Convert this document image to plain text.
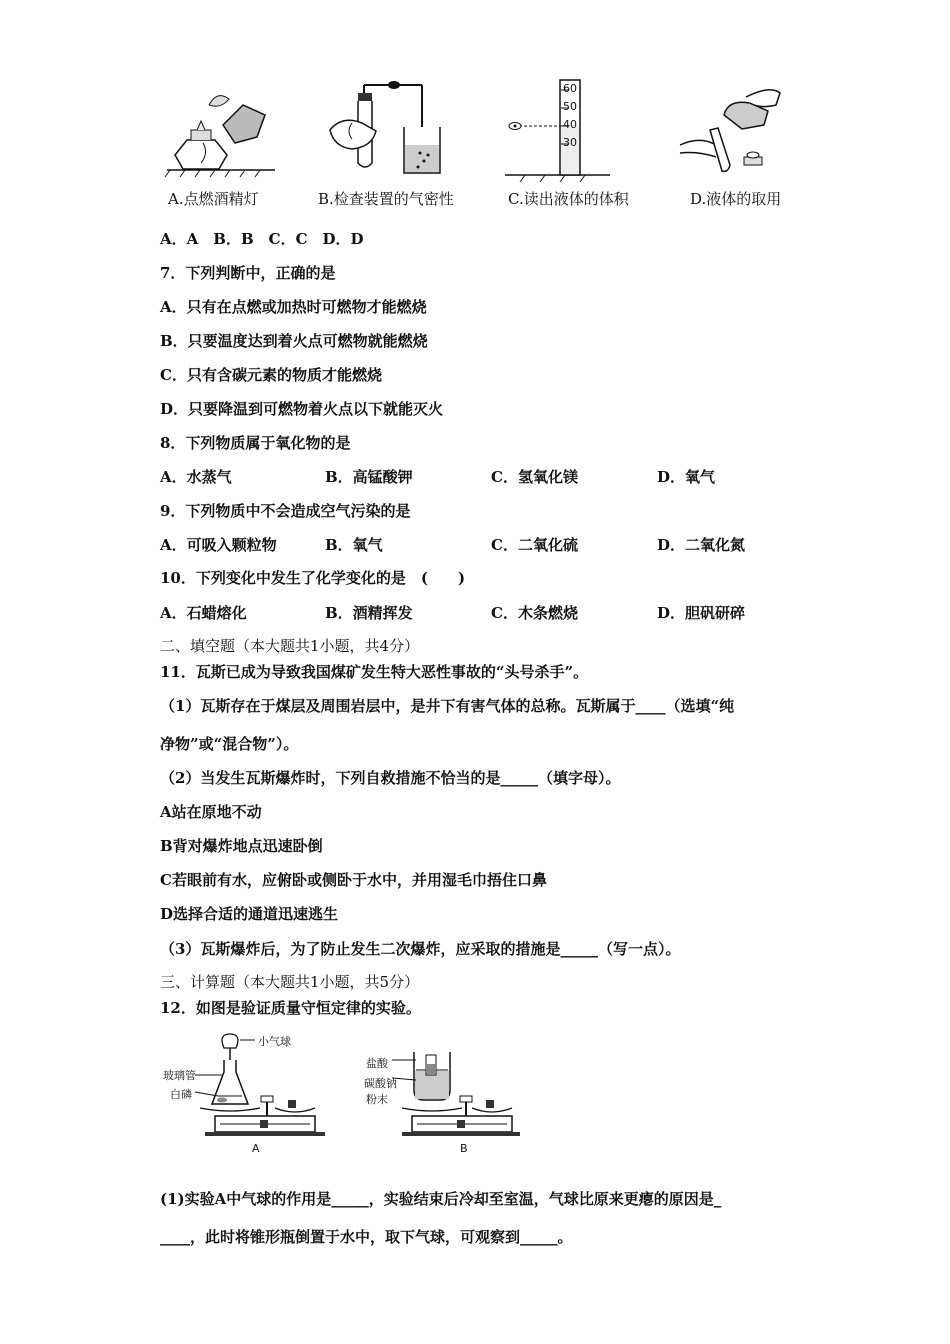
A.点燃酒精灯	B.检查装置的气密性
60
50
40
30
C.读出液体的体积	D.液体的取用
A．A　B．B　C．C　D．D
7．下列判断中，正确的是
A．只有在点燃或加热时可燃物才能燃烧
B．只要温度达到着火点可燃物就能燃烧
C．只有含碳元素的物质才能燃烧
D．只要降温到可燃物着火点以下就能灭火
8．下列物质属于氧化物的是
A．水蒸气	B．高锰酸钾	C．氢氧化镁	D．氧气
9．下列物质中不会造成空气污染的是
A．可吸入颗粒物	B．氧气	C．二氧化硫	D．二氧化氮
10．下列变化中发生了化学变化的是　(　　)
A．石蜡熔化	B．酒精挥发	C．木条燃烧	D．胆矾研碎
二、填空题（本大题共1小题，共4分）
11．瓦斯已成为导致我国煤矿发生特大恶性事故的“头号杀手”。
（1）瓦斯存在于煤层及周围岩层中，是井下有害气体的总称。瓦斯属于____（选填“纯
净物”或“混合物”）。
（2）当发生瓦斯爆炸时，下列自救措施不恰当的是_____（填字母）。
A站在原地不动
B背对爆炸地点迅速卧倒
C若眼前有水，应俯卧或侧卧于水中，并用湿毛巾捂住口鼻
D选择合适的通道迅速逃生
（3）瓦斯爆炸后，为了防止发生二次爆炸，应采取的措施是_____（写一点）。
三、计算题（本大题共1小题，共5分）
12．如图是验证质量守恒定律的实验。
小气球
玻璃管
白磷
A
盐酸
碳酸钠
粉末
B
(1)实验A中气球的作用是_____，实验结束后冷却至室温，气球比原来更瘪的原因是_
____，此时将锥形瓶倒置于水中，取下气球，可观察到_____。
